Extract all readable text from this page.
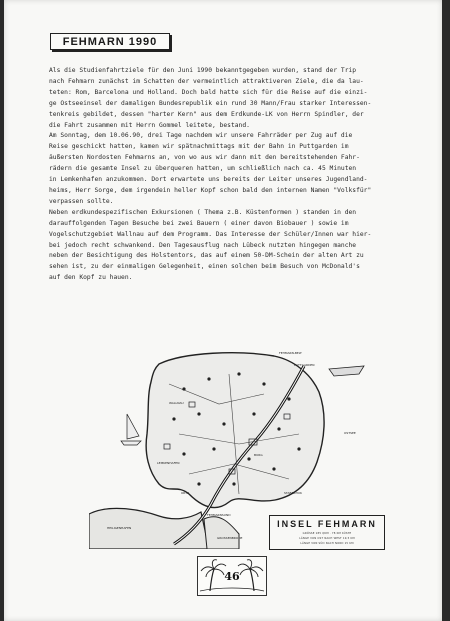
FEHMARN 1990
Als die Studienfahrtziele für den Juni 1990 bekanntgegeben wurden, stand der Trip
nach Fehmarn zunächst im Schatten der vermeintlich attraktiveren Ziele, die da lau-
teten: Rom, Barcelona und Holland. Doch bald hatte sich für die Reise auf die einzi-
ge Ostseeinsel der damaligen Bundesrepublik ein rund 30 Mann/Frau starker Interessen-
tenkreis gebildet, dessen "harter Kern" aus dem Erdkunde-LK von Herrn Spindler, der
die Fahrt zusammen mit Herrn Gommel leitete, bestand.
Am Sonntag, dem 10.06.90, drei Tage nachdem wir unsere Fahrräder per Zug auf die
Reise geschickt hatten, kamen wir spätnachmittags mit der Bahn in Puttgarden im
äußersten Nordosten Fehmarns an, von wo aus wir dann mit den bereitstehenden Fahr-
rädern die gesamte Insel zu überqueren hatten, um schließlich nach ca. 45 Minuten
in Lemkenhafen anzukommen. Dort erwartete uns bereits der Leiter unseres Jugendland-
heims, Herr Sorge, dem irgendein heller Kopf schon bald den internen Namen "Volksfür"
verpassen sollte.
Neben erdkundespezifischen Exkursionen ( Thema z.B. Küstenformen ) standen in den
darauffolgenden Tagen Besuche bei zwei Bauern ( einer davon Biobauer ) sowie im
Vogelschutzgebiet Wallnau auf dem Programm. Das Interesse der Schüler/Innen war hier-
bei jedoch recht schwankend. Den Tagesausflug nach Lübeck nutzten hingegen manche
neben der Besichtigung des Holstentors, das auf einem 50-DM-Schein der alten Art zu
sehen ist, zu der einmaligen Gelegenheit, einen solchen beim Besuch von McDonald's
auf den Kopf zu hauen.
FEHMARN-BELT
PUTTGARDEN
WALLNAU
BURG
LEMKENHAFEN
ORTH
FEHMARNSUND
OSTSEE
HEILIGENHAFEN
GROSSENBRODE
STABERHUK
INSEL FEHMARN
GRÖSSE 185 QKM · 78 KM KÜSTE
LÄNGE VON OST NACH WEST 19,5 KM
LÄNGE VON SÜD NACH NORD 15 KM
46
